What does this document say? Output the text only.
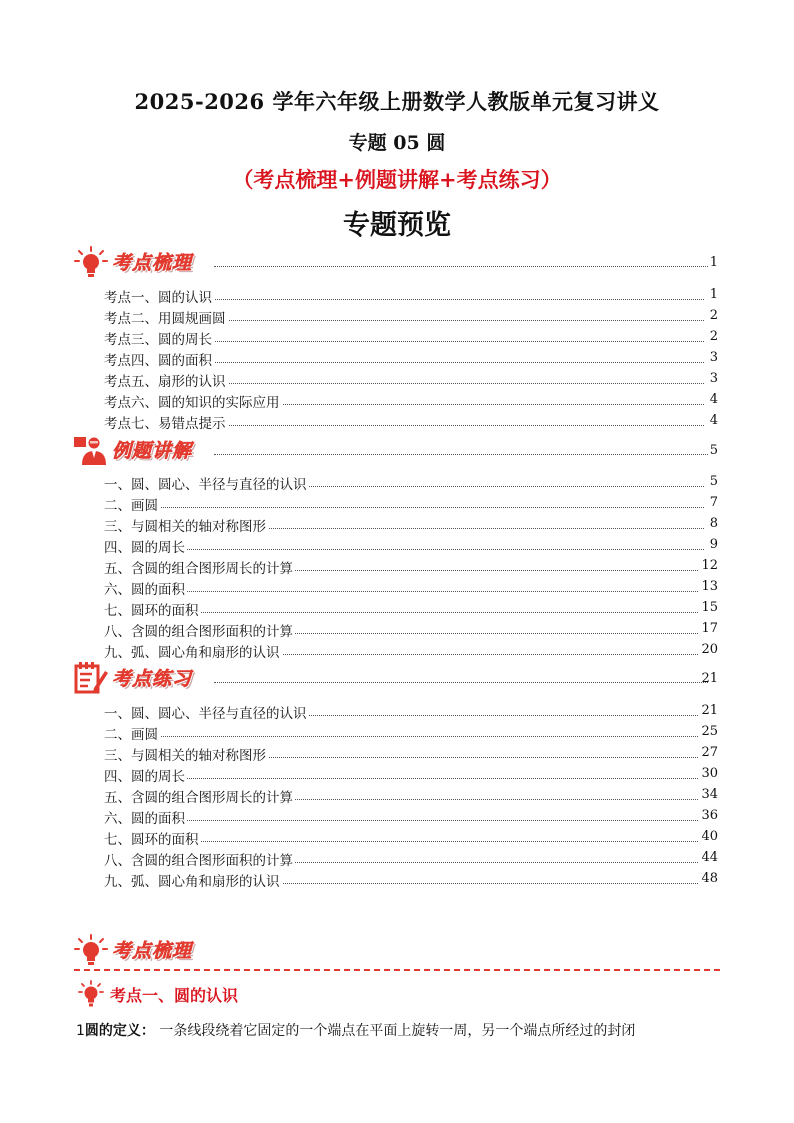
2025-2026 学年六年级上册数学人教版单元复习讲义
专题 05 圆
（考点梳理+例题讲解+考点练习）
专题预览
考点梳理	1
考点一、圆的认识	1
考点二、用圆规画圆	2
考点三、圆的周长	2
考点四、圆的面积	3
考点五、扇形的认识	3
考点六、圆的知识的实际应用	4
考点七、易错点提示	4
例题讲解	5
一、圆、圆心、半径与直径的认识	5
二、画圆	7
三、与圆相关的轴对称图形	8
四、圆的周长	9
五、含圆的组合图形周长的计算	12
六、圆的面积	13
七、圆环的面积	15
八、含圆的组合图形面积的计算	17
九、弧、圆心角和扇形的认识	20
考点练习	21
一、圆、圆心、半径与直径的认识	21
二、画圆	25
三、与圆相关的轴对称图形	27
四、圆的周长	30
五、含圆的组合图形周长的计算	34
六、圆的面积	36
七、圆环的面积	40
八、含圆的组合图形面积的计算	44
九、弧、圆心角和扇形的认识	48
考点梳理
考点一、圆的认识
1圆的定义： 一条线段绕着它固定的一个端点在平面上旋转一周，另一个端点所经过的封闭
